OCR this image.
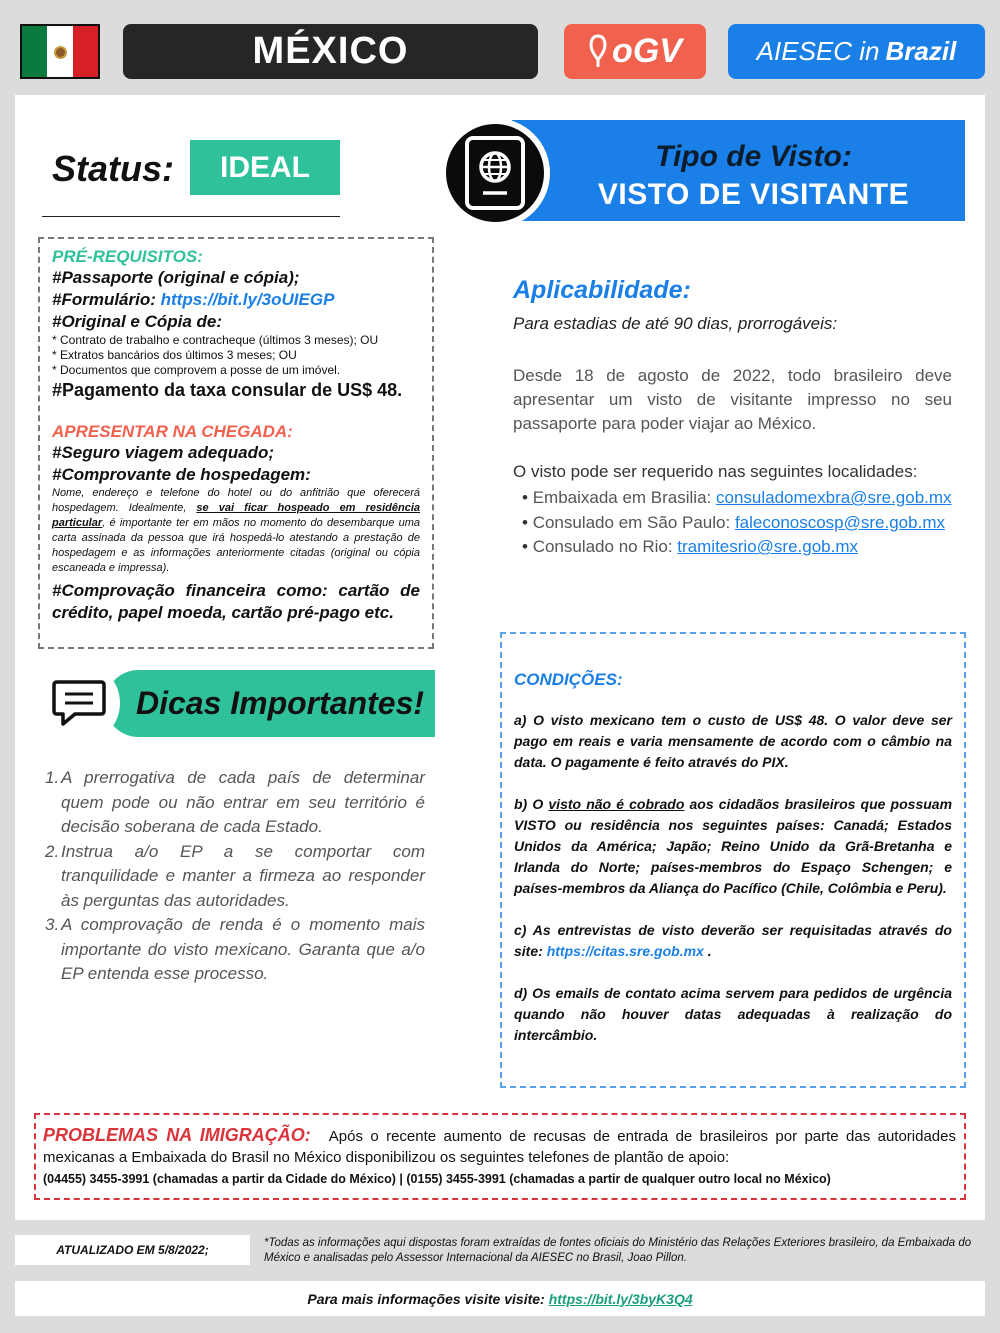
MÉXICO	oGV	AIESEC in Brazil
Status:	IDEAL	Tipo de Visto:
VISTO DE VISITANTE
PRÉ-REQUISITOS:
#Passaporte (original e cópia);
#Formulário: https://bit.ly/3oUIEGP
#Original e Cópia de:
* Contrato de trabalho e contracheque (últimos 3 meses); OU
* Extratos bancários dos últimos 3 meses; OU
* Documentos que comprovem a posse de um imóvel.
#Pagamento da taxa consular de US$ 48.
APRESENTAR NA CHEGADA:
#Seguro viagem adequado;
#Comprovante de hospedagem:
Nome, endereço e telefone do hotel ou do anfitrião que oferecerá hospedagem. Idealmente, se vai ficar hospeado em residência particular, é importante ter em mãos no momento do desembarque uma carta assinada da pessoa que irá hospedá-lo atestando a prestação de hospedagem e as informações anteriormente citadas (original ou cópia escaneada e impressa).
#Comprovação financeira como: cartão de crédito, papel moeda, cartão pré-pago etc.
Aplicabilidade:
Para estadias de até 90 dias, prorrogáveis:
Desde 18 de agosto de 2022, todo brasileiro deve apresentar um visto de visitante impresso no seu passaporte para poder viajar ao México.
O visto pode ser requerido nas seguintes localidades:
• Embaixada em Brasilia: consuladomexbra@sre.gob.mx
• Consulado em São Paulo: faleconoscosp@sre.gob.mx
• Consulado no Rio: tramitesrio@sre.gob.mx
Dicas Importantes!
1. A prerrogativa de cada país de determinar quem pode ou não entrar em seu território é decisão soberana de cada Estado.
2. Instrua a/o EP a se comportar com tranquilidade e manter a firmeza ao responder às perguntas das autoridades.
3. A comprovação de renda é o momento mais importante do visto mexicano. Garanta que a/o EP entenda esse processo.
CONDIÇÕES:

a) O visto mexicano tem o custo de US$ 48. O valor deve ser pago em reais e varia mensamente de acordo com o câmbio na data. O pagamente é feito através do PIX.

b) O visto não é cobrado aos cidadãos brasileiros que possuam VISTO ou residência nos seguintes países: Canadá; Estados Unidos da América; Japão; Reino Unido da Grã-Bretanha e Irlanda do Norte; países-membros do Espaço Schengen; e países-membros da Aliança do Pacífico (Chile, Colômbia e Peru).

c) As entrevistas de visto deverão ser requisitadas através do site: https://citas.sre.gob.mx .

d) Os emails de contato acima servem para pedidos de urgência quando não houver datas adequadas à realização do intercâmbio.

PROBLEMAS NA IMIGRAÇÃO: Após o recente aumento de recusas de entrada de brasileiros por parte das autoridades mexicanas a Embaixada do Brasil no México disponibilizou os seguintes telefones de plantão de apoio:
(04455) 3455-3991 (chamadas a partir da Cidade do México) | (0155) 3455-3991 (chamadas a partir de qualquer outro local no México)
ATUALIZADO EM 5/8/2022;	*Todas as informações aqui dispostas foram extraídas de fontes oficiais do Ministério das Relações Exteriores brasileiro, da Embaixada do México e analisadas pelo Assessor Internacional da AIESEC no Brasil, Joao Pillon.
Para mais informações visite visite: https://bit.ly/3byK3Q4
